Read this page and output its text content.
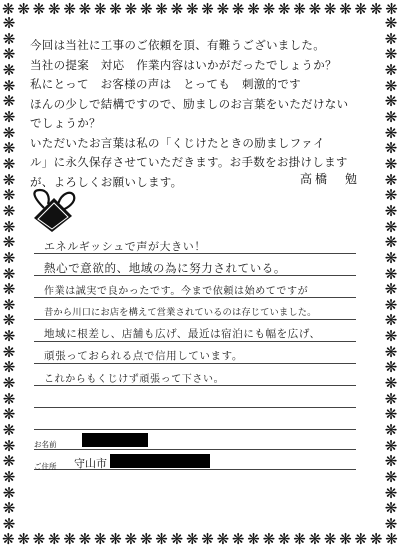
❋ ❋ ❋ ❋ ❋ ❋ ❋ ❋ ❋ ❋ ❋ ❋ ❋ ❋ ❋ ❋ ❋ ❋ ❋ ❋ ❋ ❋ ❋ ❋ ❋ ❋
❋ ❋ ❋ ❋ ❋ ❋ ❋ ❋ ❋ ❋ ❋ ❋ ❋ ❋ ❋ ❋ ❋ ❋ ❋ ❋ ❋ ❋ ❋ ❋ ❋ ❋
❋
❋
❋
❋
❋
❋
❋
❋
❋
❋
❋
❋
❋
❋
❋
❋
❋
❋
❋
❋
❋
❋
❋
❋
❋
❋
❋
❋
❋
❋
❋
❋
❋
❋
❋
❋
❋
❋
❋
❋
❋
❋
❋
❋
❋
❋
❋
❋
❋
❋
❋
❋
❋
❋
❋
❋
❋
❋
❋
❋
❋
❋
❋
❋
❋
❋

今回は当社に工事のご依頼を頂、有難うございました。

当社の提案　対応　作業内容はいかがだったでしょうか？

私にとって　お客様の声は　とっても　刺激的です

ほんの少しで結構ですので、励ましのお言葉をいただけない

でしょうか？

いただいたお言葉は私の「くじけたときの励ましファイ

ル」に永久保存させていただきます。お手数をお掛けします

が、よろしくお願いします。	高橋　勉
エネルギッシュで声が大きい！
熱心で意欲的、地域の為に努力されている。
作業は誠実で良かったです。今まで依頼は始めてですが
昔から川口にお店を構えて営業されているのは存じていました。
地域に根差し、店舗も広げ、最近は宿泊にも幅を広げ、
頑張っておられる点で信用しています。
これからもくじけず頑張って下さい。
お名前
ご住所 守山市
